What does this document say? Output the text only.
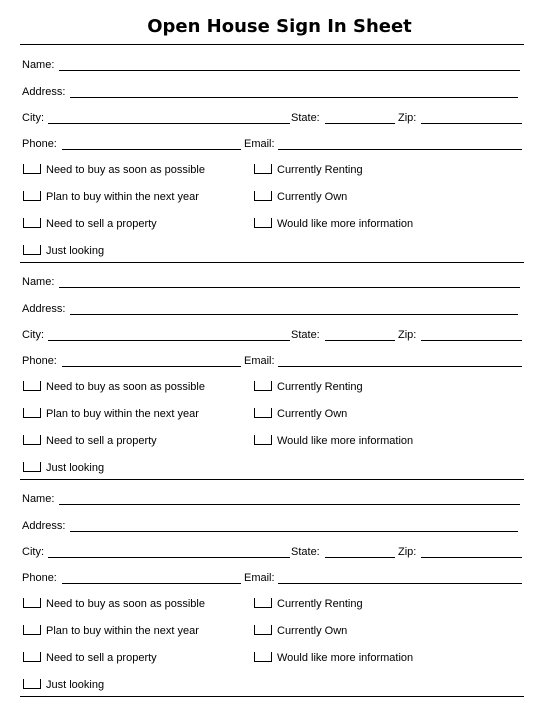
Open House Sign In Sheet
Name:
Address:
City:	State:	Zip:
Phone:	Email:
Need to buy as soon as possible	Currently Renting
Plan to buy within the next year	Currently Own
Need to sell a property	Would like more information
Just looking
Name:
Address:
City:	State:	Zip:
Phone:	Email:
Need to buy as soon as possible	Currently Renting
Plan to buy within the next year	Currently Own
Need to sell a property	Would like more information
Just looking
Name:
Address:
City:	State:	Zip:
Phone:	Email:
Need to buy as soon as possible	Currently Renting
Plan to buy within the next year	Currently Own
Need to sell a property	Would like more information
Just looking
